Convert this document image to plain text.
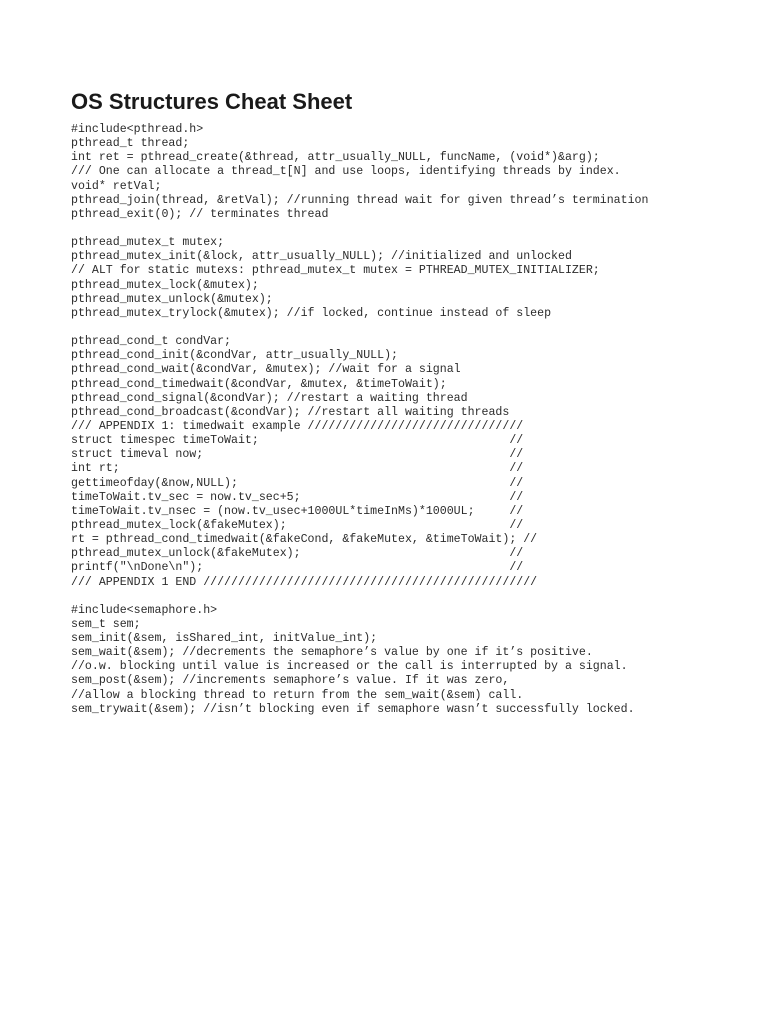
OS Structures Cheat Sheet
#include<pthread.h>
pthread_t thread;
int ret = pthread_create(&thread, attr_usually_NULL, funcName, (void*)&arg);
/// One can allocate a thread_t[N] and use loops, identifying threads by index.
void* retVal;
pthread_join(thread, &retVal); //running thread wait for given thread’s termination
pthread_exit(0); // terminates thread
pthread_mutex_t mutex;
pthread_mutex_init(&lock, attr_usually_NULL); //initialized and unlocked
// ALT for static mutexs: pthread_mutex_t mutex = PTHREAD_MUTEX_INITIALIZER;
pthread_mutex_lock(&mutex);
pthread_mutex_unlock(&mutex);
pthread_mutex_trylock(&mutex); //if locked, continue instead of sleep
pthread_cond_t condVar;
pthread_cond_init(&condVar, attr_usually_NULL);
pthread_cond_wait(&condVar, &mutex); //wait for a signal
pthread_cond_timedwait(&condVar, &mutex, &timeToWait);
pthread_cond_signal(&condVar); //restart a waiting thread
pthread_cond_broadcast(&condVar); //restart all waiting threads
/// APPENDIX 1: timedwait example ///////////////////////////////
struct timespec timeToWait;                                    //
struct timeval now;                                            //
int rt;                                                        //
gettimeofday(&now,NULL);                                       //
timeToWait.tv_sec = now.tv_sec+5;                              //
timeToWait.tv_nsec = (now.tv_usec+1000UL*timeInMs)*1000UL;     //
pthread_mutex_lock(&fakeMutex);                                //
rt = pthread_cond_timedwait(&fakeCond, &fakeMutex, &timeToWait); //
pthread_mutex_unlock(&fakeMutex);                              //
printf("\nDone\n");                                            //
/// APPENDIX 1 END ////////////////////////////////////////////////
#include<semaphore.h>
sem_t sem;
sem_init(&sem, isShared_int, initValue_int);
sem_wait(&sem); //decrements the semaphore’s value by one if it’s positive.
//o.w. blocking until value is increased or the call is interrupted by a signal.
sem_post(&sem); //increments semaphore’s value. If it was zero,
//allow a blocking thread to return from the sem_wait(&sem) call.
sem_trywait(&sem); //isn’t blocking even if semaphore wasn’t successfully locked.
